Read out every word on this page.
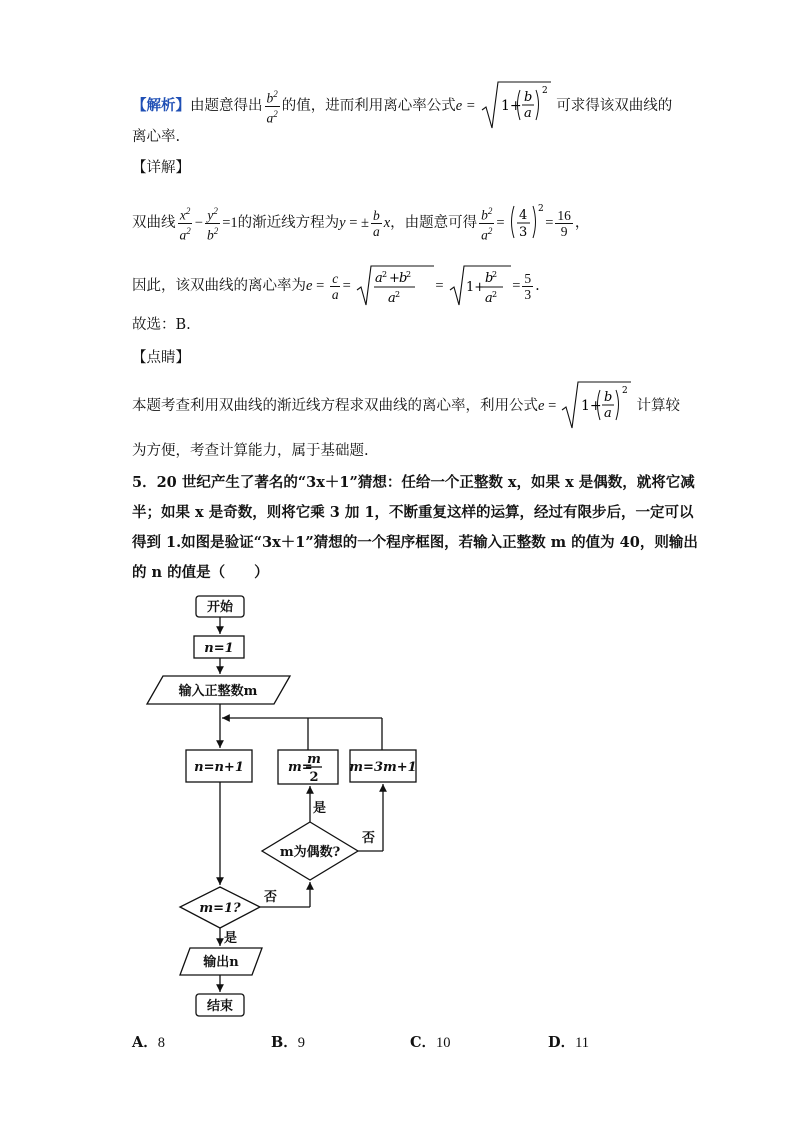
【解析】由题意得出 $\frac{b^2}{a^2}$ 的值，进而利用离心率公式e = 1+
b
a
2
可求得该双曲线的
离心率.
【详解】
双曲线 $\frac{x^2}{a^2} - \frac{y^2}{b^2} =1$的渐近线方程为y = ± $\frac{b}{a}$ x，由题意可得 $\frac{b^2}{a^2} = 4$
3
2
= $\frac{16}{9}$ ，
因此，该双曲线的离心率为$e = \frac{c}{a} = a$ 2 + b
2
a 2
= 1+
b
2
a 2
= $\frac{5}{3}$ .
故选：B.
【点睛】
本题考查利用双曲线的渐近线方程求双曲线的离心率，利用公式e = 1+
b
a
2
计算较
为方便，考查计算能力，属于基础题.
5．20 世纪产生了著名的“3x＋1”猜想：任给一个正整数 x，如果 x 是偶数，就将它减
半；如果 x 是奇数，则将它乘 3 加 1，不断重复这样的运算，经过有限步后，一定可以
得到 1.如图是验证“3x＋1”猜想的一个程序框图，若输入正整数 m 的值为 40，则输出
的 n 的值是（　　）
开始
n=1
输入正整数m
n=n+1	m=
m
2
m=3m+1
m为偶数?
m=1?
输出n
结束
是
否
否
是
A．8	B．9	C．10	D．11
